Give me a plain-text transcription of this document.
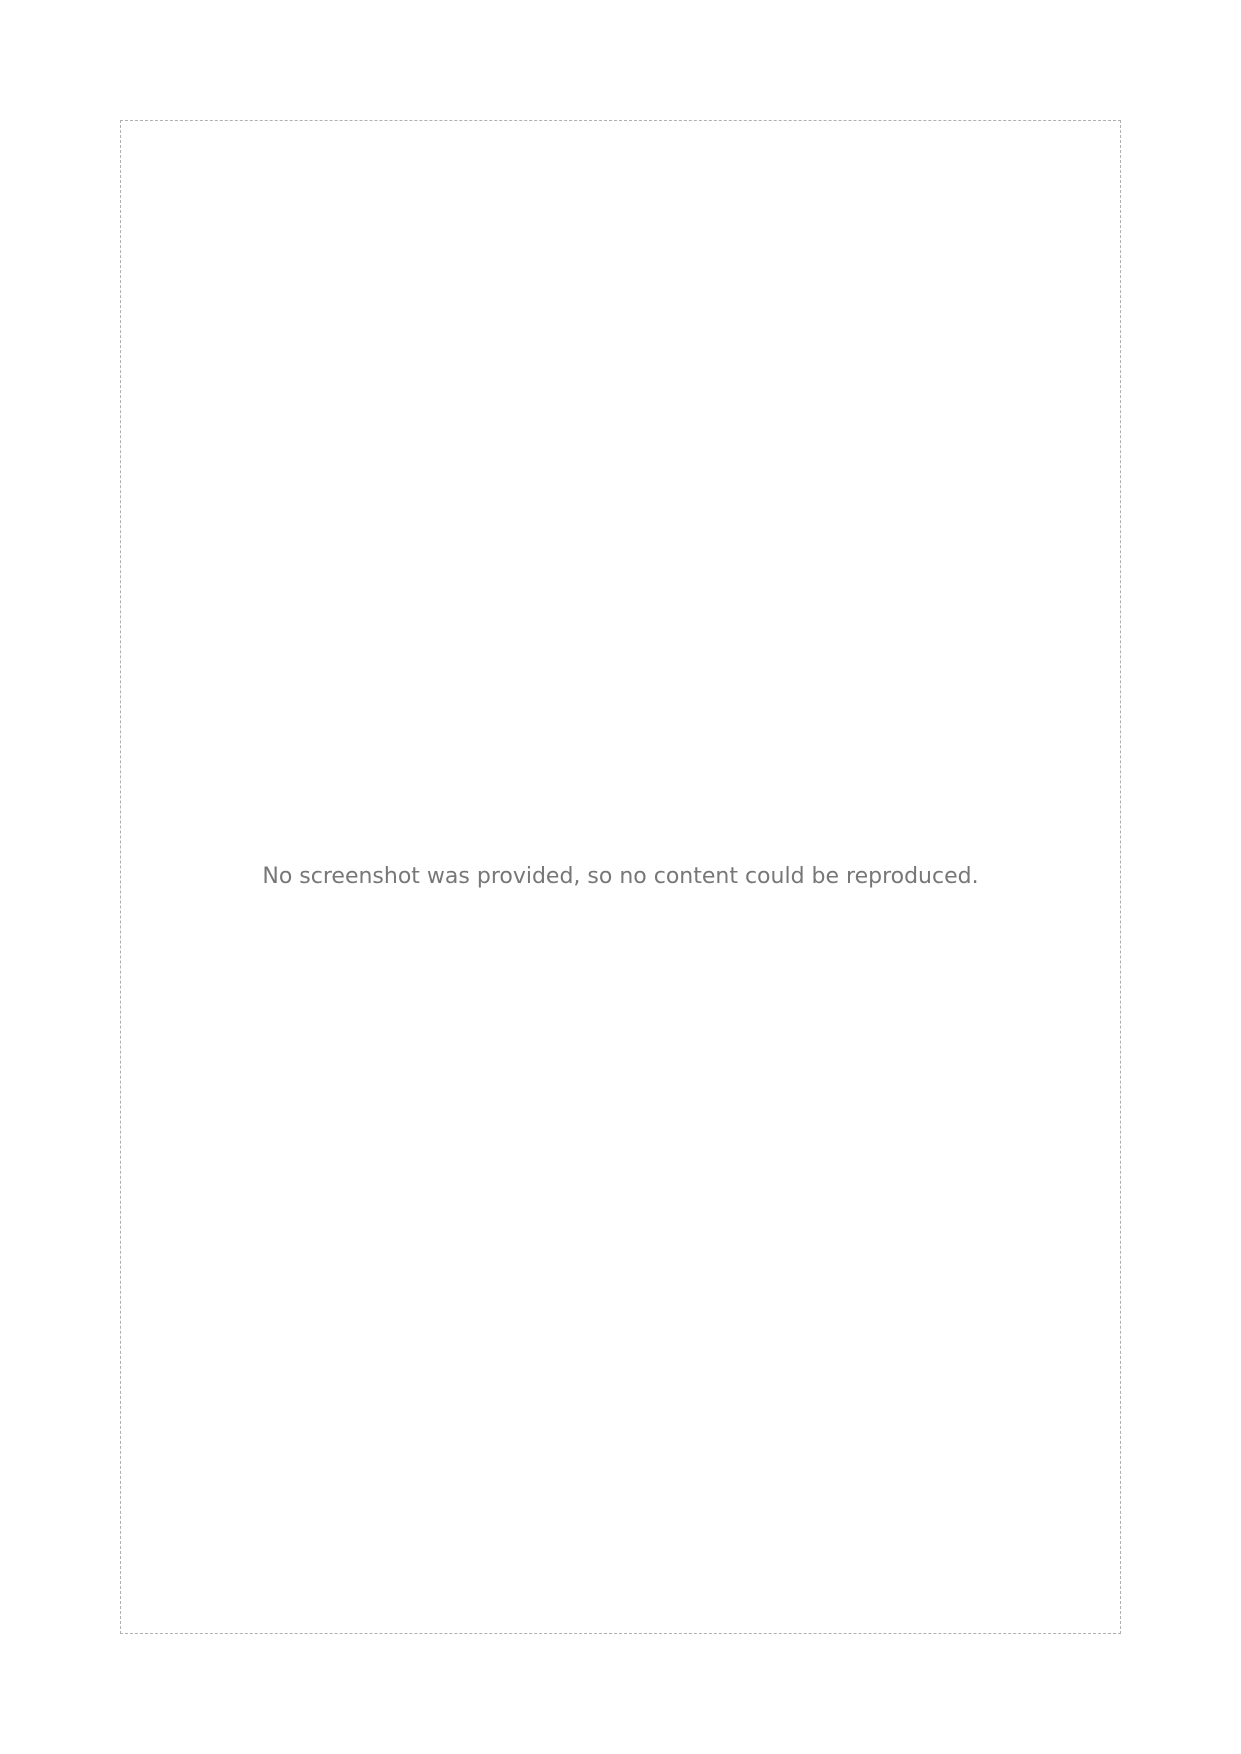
No screenshot was provided, so no content could be reproduced.
